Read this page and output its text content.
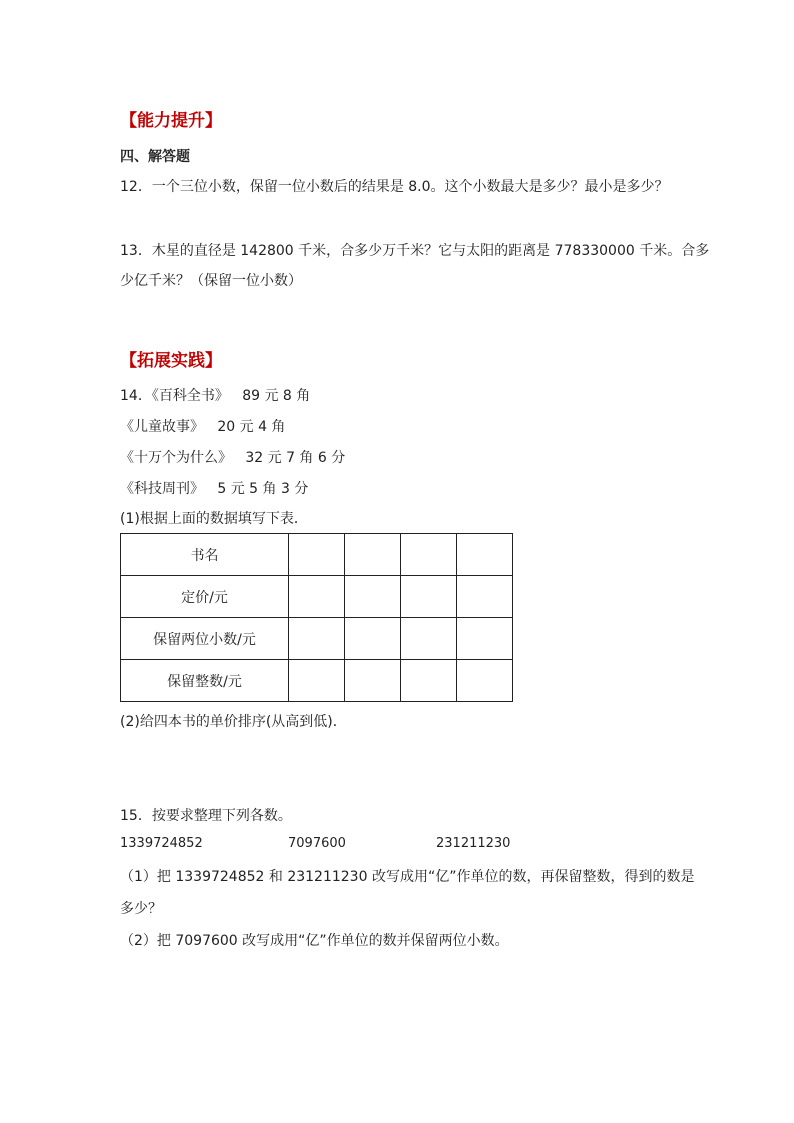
【能力提升】
四、解答题
12．一个三位小数，保留一位小数后的结果是 8.0。这个小数最大是多少？最小是多少？
13．木星的直径是 142800 千米，合多少万千米？它与太阳的距离是 778330000 千米。合多
少亿千米？（保留一位小数）
【拓展实践】
14．《百科全书》 89 元 8 角
《儿童故事》 20 元 4 角
《十万个为什么》 32 元 7 角 6 分
《科技周刊》 5 元 5 角 3 分
(1)根据上面的数据填写下表．
书名				
定价/元				
保留两位小数/元				
保留整数/元				
(2)给四本书的单价排序(从高到低)．
15．按要求整理下列各数。
1339724852	7097600	231211230
（1）把 1339724852 和 231211230 改写成用“亿”作单位的数，再保留整数，得到的数是
多少？
（2）把 7097600 改写成用“亿”作单位的数并保留两位小数。
